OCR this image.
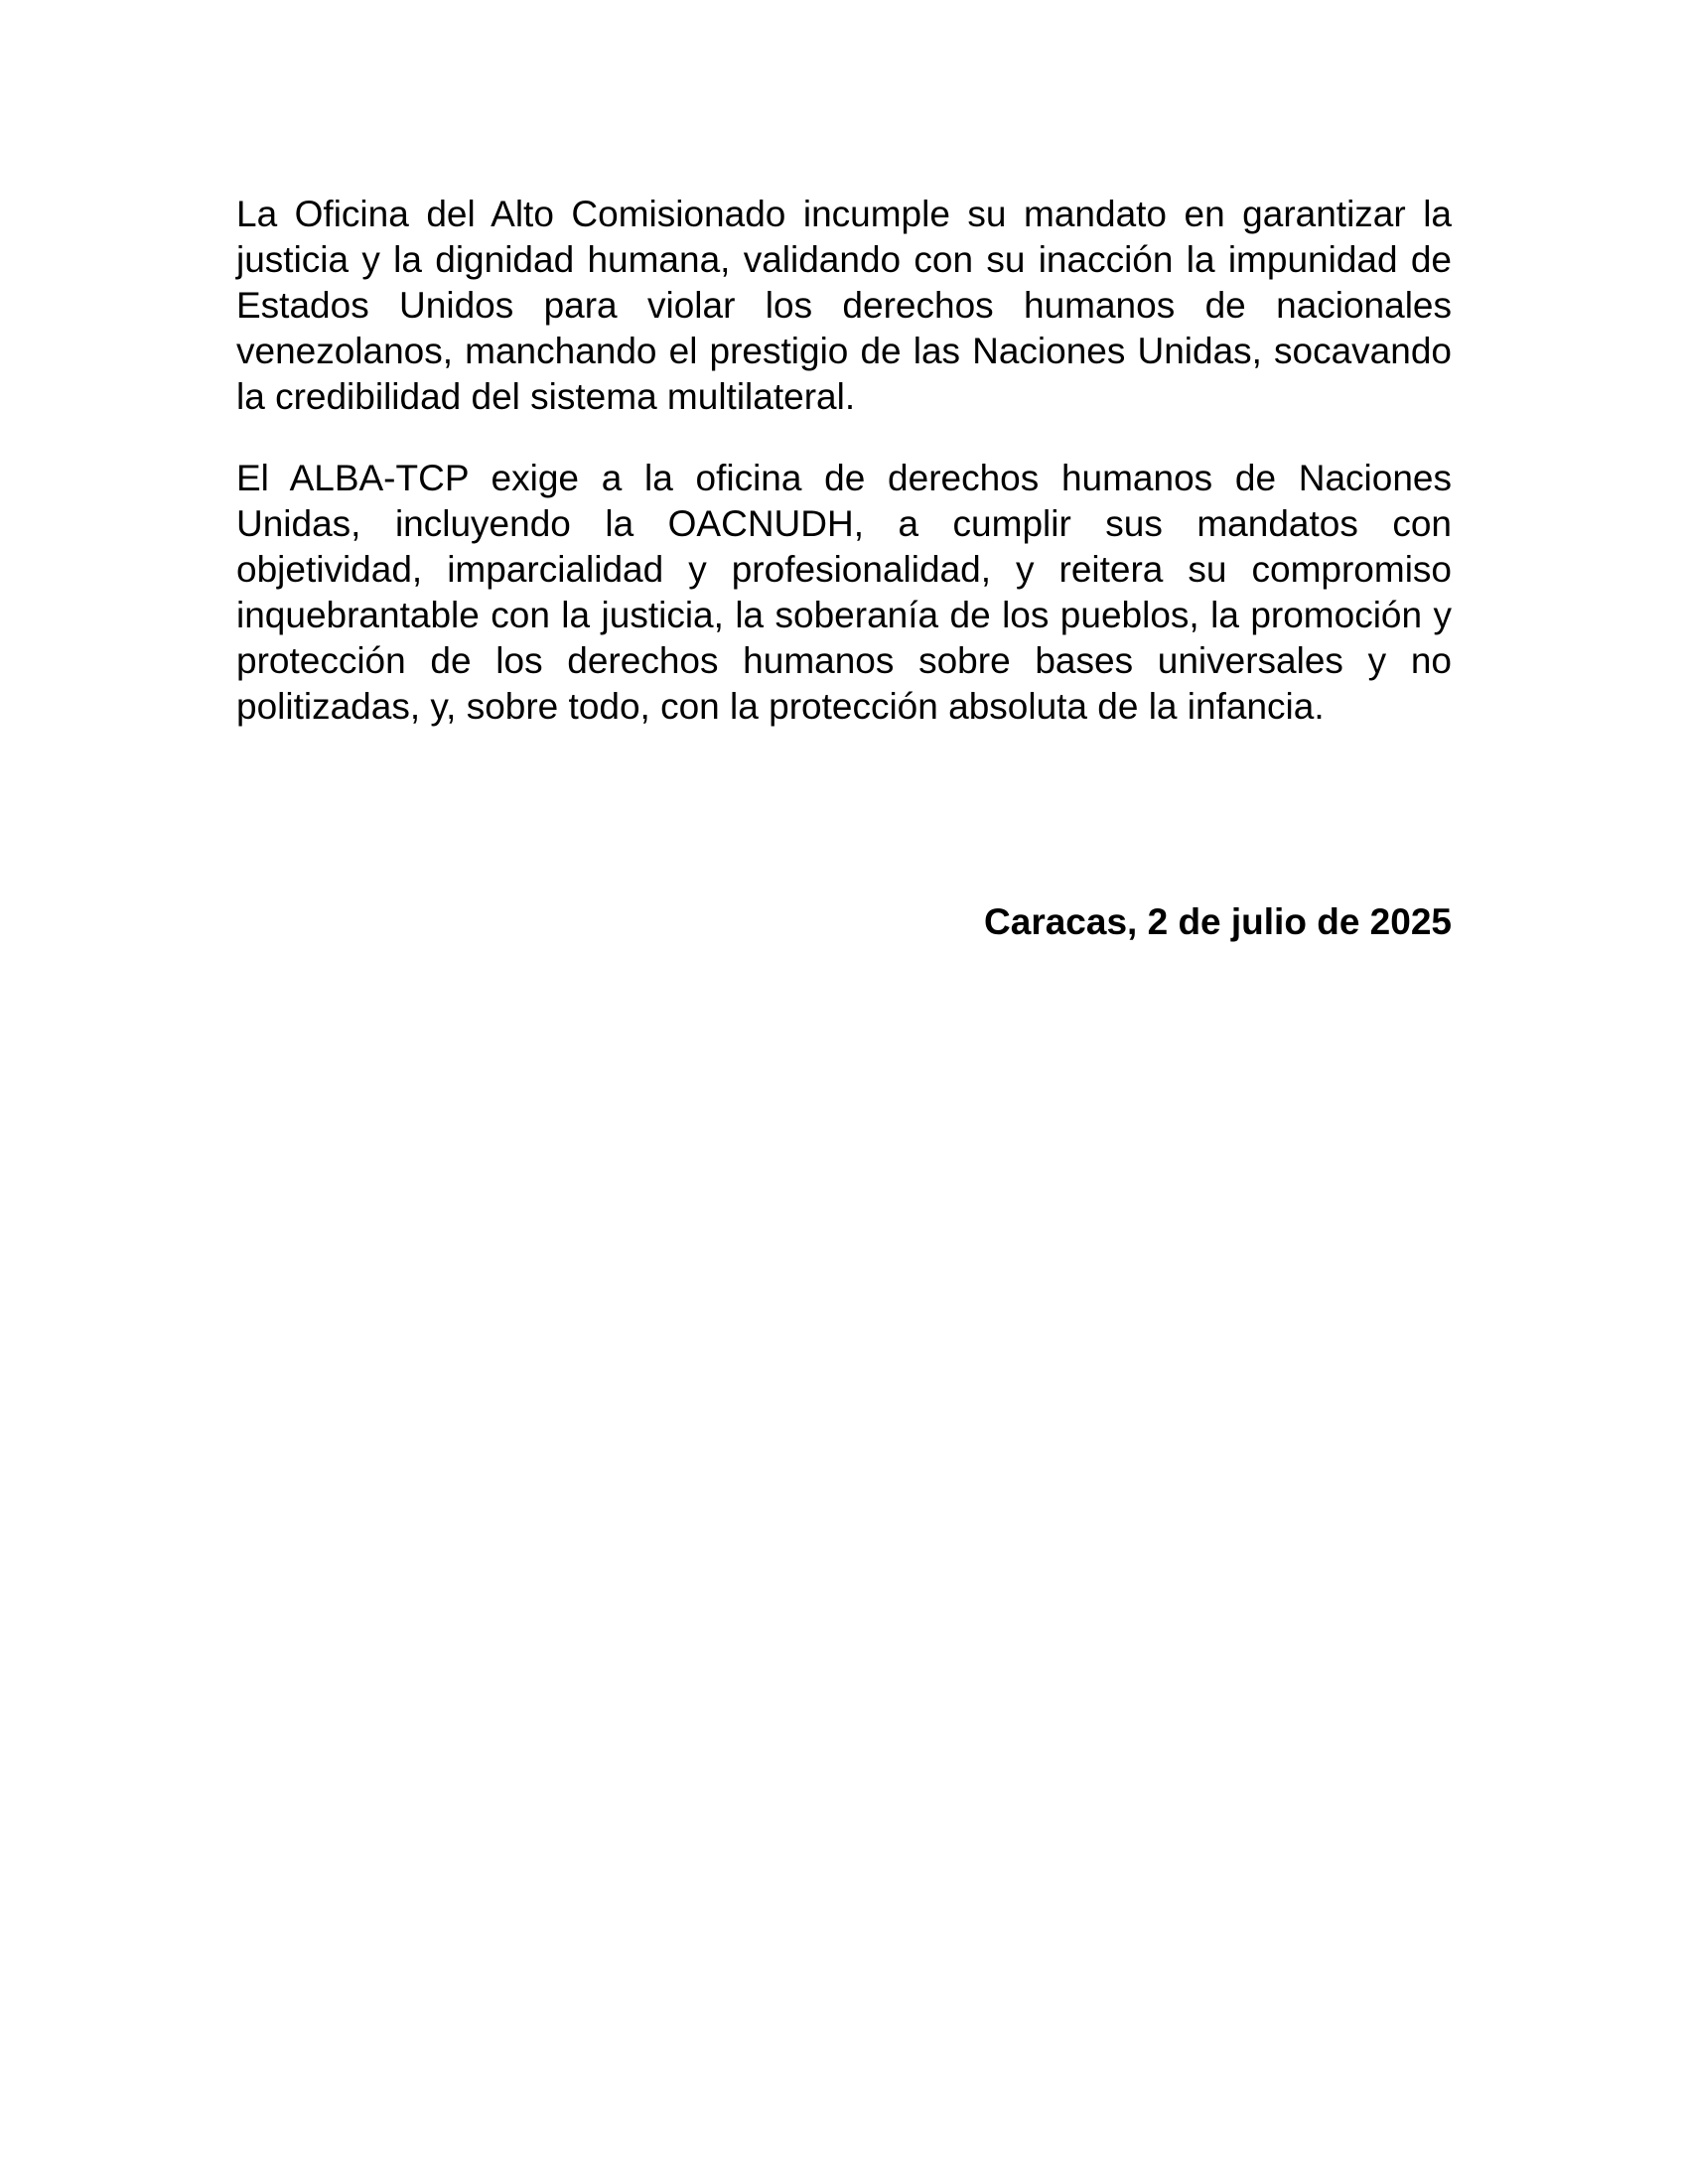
La Oficina del Alto Comisionado incumple su mandato en garantizar la justicia y la dignidad humana, validando con su inacción la impunidad de Estados Unidos para violar los derechos humanos de nacionales venezolanos, manchando el prestigio de las Naciones Unidas, socavando la credibilidad del sistema multilateral.

El ALBA-TCP exige a la oficina de derechos humanos de Naciones Unidas, incluyendo la OACNUDH, a cumplir sus mandatos con objetividad, imparcialidad y profesionalidad, y reitera su compromiso inquebrantable con la justicia, la soberanía de los pueblos, la promoción y protección de los derechos humanos sobre bases universales y no politizadas, y, sobre todo, con la protección absoluta de la infancia.

Caracas, 2 de julio de 2025
